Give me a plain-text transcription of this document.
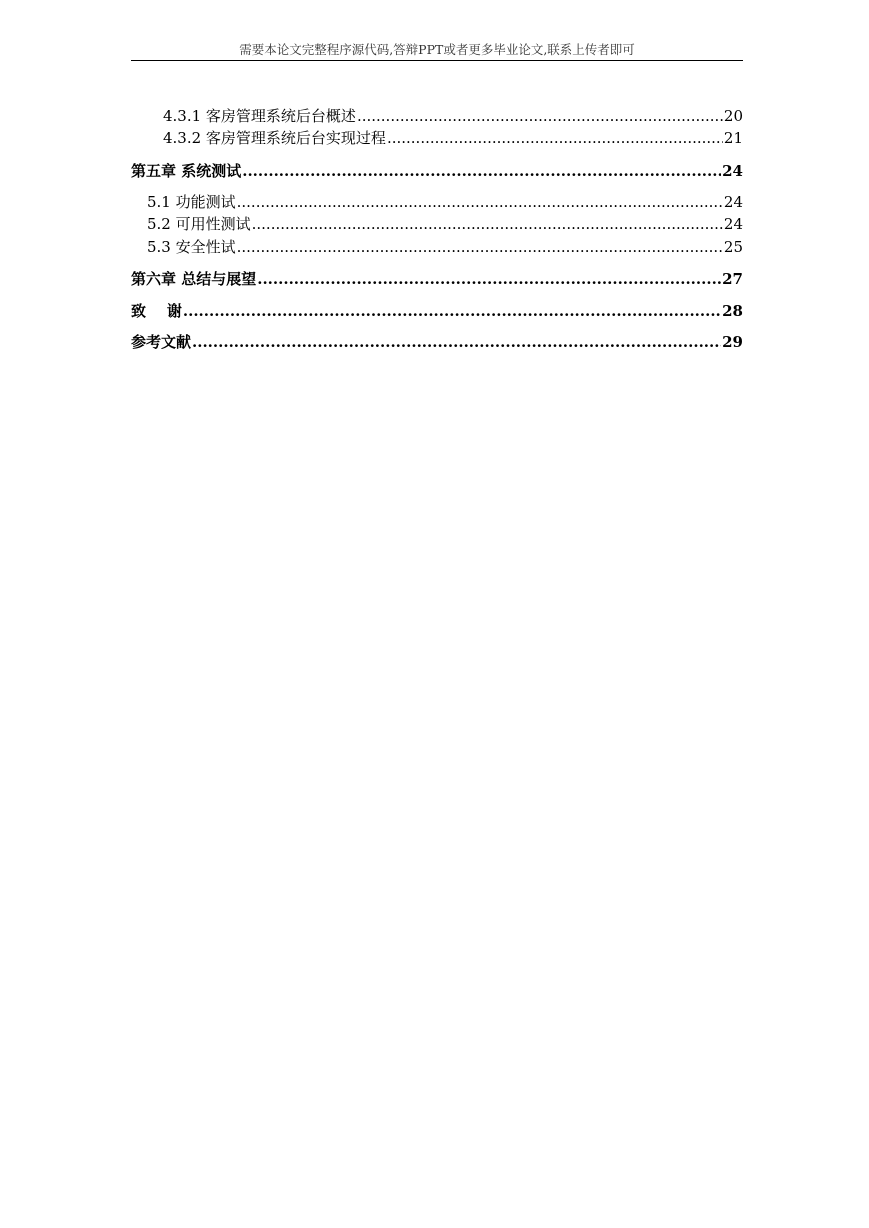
需要本论文完整程序源代码,答辩PPT或者更多毕业论文,联系上传者即可
4.3.1 客房管理系统后台概述 .....	20
4.3.2 客房管理系统后台实现过程 .....	21
第五章 系统测试 .....	24
5.1 功能测试 .....	24
5.2 可用性测试 .....	24
5.3 安全性试 .....	25
第六章 总结与展望 .....	27
致    谢 .....	28
参考文献 .....	29
